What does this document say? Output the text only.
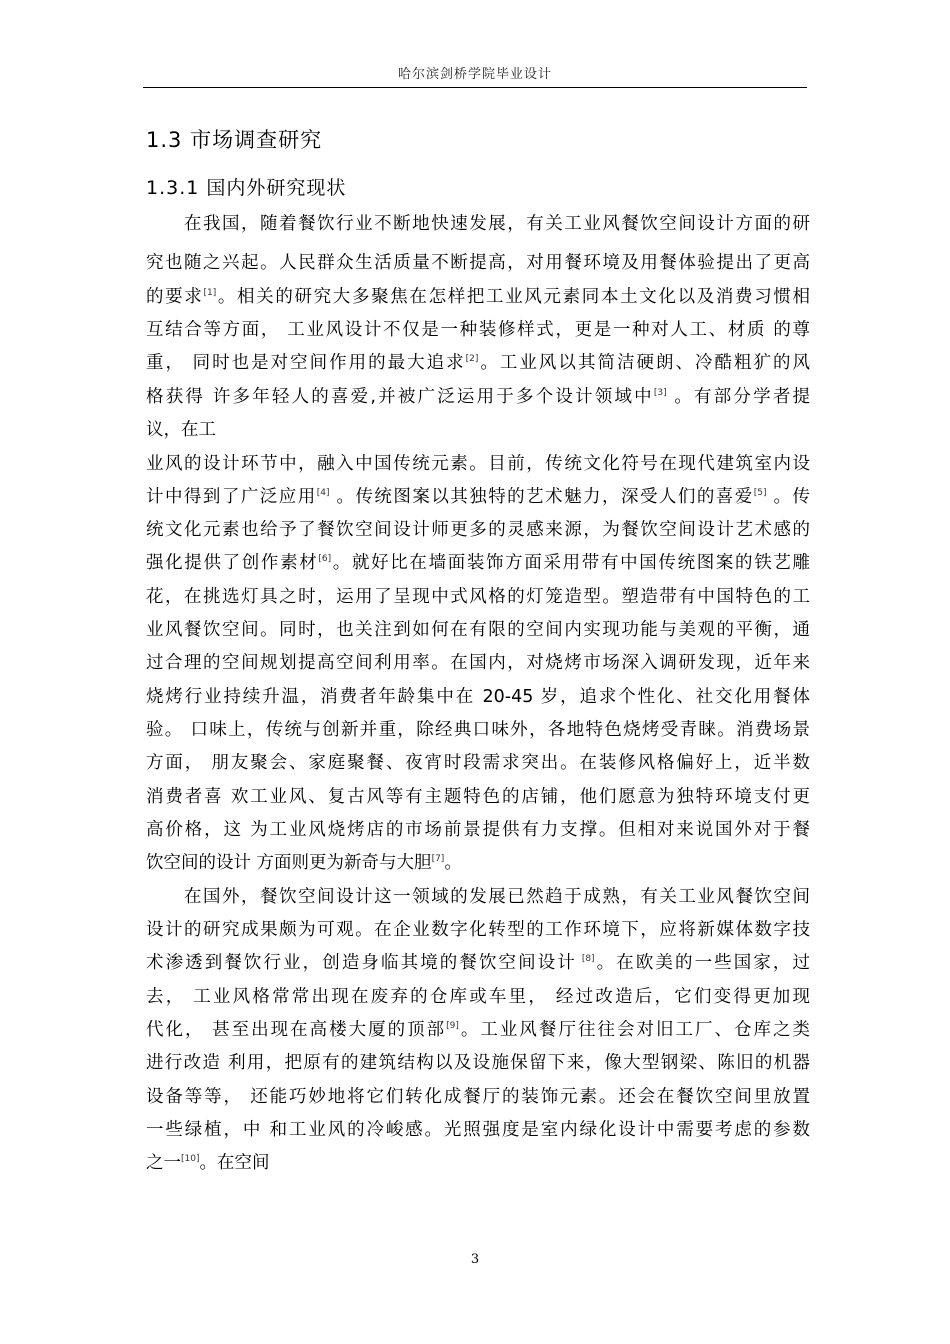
哈尔滨剑桥学院毕业设计
1.3 市场调查研究
1.3.1 国内外研究现状
在我国，随着餐饮行业不断地快速发展，有关工业风餐饮空间设计方面的研
究也随之兴起。人民群众生活质量不断提高，对用餐环境及用餐体验提出了更高
的要求[1]。相关的研究大多聚焦在怎样把工业风元素同本土文化以及消费习惯相
互结合等方面， 工业风设计不仅是一种装修样式，更是一种对人工、材质 的尊
重， 同时也是对空间作用的最大追求[2]。工业风以其简洁硬朗、冷酷粗犷的风
格获得 许多年轻人的喜爱,并被广泛运用于多个设计领域中[3] 。有部分学者提
议，在工
业风的设计环节中，融入中国传统元素。目前，传统文化符号在现代建筑室内设
计中得到了广泛应用[4] 。传统图案以其独特的艺术魅力，深受人们的喜爱[5] 。传
统文化元素也给予了餐饮空间设计师更多的灵感来源，为餐饮空间设计艺术感的
强化提供了创作素材[6]。就好比在墙面装饰方面采用带有中国传统图案的铁艺雕
花，在挑选灯具之时，运用了呈现中式风格的灯笼造型。塑造带有中国特色的工
业风餐饮空间。同时，也关注到如何在有限的空间内实现功能与美观的平衡，通
过合理的空间规划提高空间利用率。在国内，对烧烤市场深入调研发现，近年来
烧烤行业持续升温，消费者年龄集中在 20-45 岁，追求个性化、社交化用餐体
验。 口味上，传统与创新并重，除经典口味外，各地特色烧烤受青睐。消费场景
方面， 朋友聚会、家庭聚餐、夜宵时段需求突出。在装修风格偏好上，近半数
消费者喜 欢工业风、复古风等有主题特色的店铺，他们愿意为独特环境支付更
高价格，这 为工业风烧烤店的市场前景提供有力支撑。但相对来说国外对于餐
饮空间的设计 方面则更为新奇与大胆[7]。
在国外，餐饮空间设计这一领域的发展已然趋于成熟，有关工业风餐饮空间
设计的研究成果颇为可观。在企业数字化转型的工作环境下，应将新媒体数字技
术渗透到餐饮行业，创造身临其境的餐饮空间设计 [8]。在欧美的一些国家，过
去， 工业风格常常出现在废弃的仓库或车里， 经过改造后，它们变得更加现
代化， 甚至出现在高楼大厦的顶部[9]。工业风餐厅往往会对旧工厂、仓库之类
进行改造 利用，把原有的建筑结构以及设施保留下来，像大型钢梁、陈旧的机器
设备等等， 还能巧妙地将它们转化成餐厅的装饰元素。还会在餐饮空间里放置
一些绿植，中 和工业风的冷峻感。光照强度是室内绿化设计中需要考虑的参数
之一[10]。在空间
3
